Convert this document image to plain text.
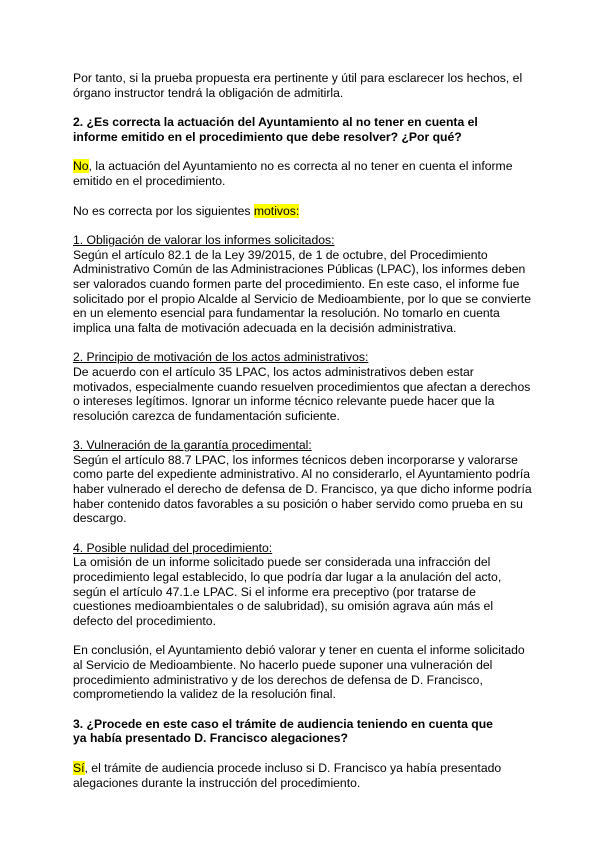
Por tanto, si la prueba propuesta era pertinente y útil para esclarecer los hechos, el órgano instructor tendrá la obligación de admitirla.

2. ¿Es correcta la actuación del Ayuntamiento al no tener en cuenta el
informe emitido en el procedimiento que debe resolver? ¿Por qué?

No, la actuación del Ayuntamiento no es correcta al no tener en cuenta el informe emitido en el procedimiento.

No es correcta por los siguientes motivos:

1. Obligación de valorar los informes solicitados:

Según el artículo 82.1 de la Ley 39/2015, de 1 de octubre, del Procedimiento Administrativo Común de las Administraciones Públicas (LPAC), los informes deben ser valorados cuando formen parte del procedimiento. En este caso, el informe fue solicitado por el propio Alcalde al Servicio de Medioambiente, por lo que se convierte en un elemento esencial para fundamentar la resolución. No tomarlo en cuenta implica una falta de motivación adecuada en la decisión administrativa.

2. Principio de motivación de los actos administrativos:

De acuerdo con el artículo 35 LPAC, los actos administrativos deben estar motivados, especialmente cuando resuelven procedimientos que afectan a derechos o intereses legítimos. Ignorar un informe técnico relevante puede hacer que la resolución carezca de fundamentación suficiente.

3. Vulneración de la garantía procedimental:

Según el artículo 88.7 LPAC, los informes técnicos deben incorporarse y valorarse como parte del expediente administrativo. Al no considerarlo, el Ayuntamiento podría haber vulnerado el derecho de defensa de D. Francisco, ya que dicho informe podría haber contenido datos favorables a su posición o haber servido como prueba en su descargo.

4. Posible nulidad del procedimiento:

La omisión de un informe solicitado puede ser considerada una infracción del procedimiento legal establecido, lo que podría dar lugar a la anulación del acto, según el artículo 47.1.e LPAC. Si el informe era preceptivo (por tratarse de cuestiones medioambientales o de salubridad), su omisión agrava aún más el defecto del procedimiento.

En conclusión, el Ayuntamiento debió valorar y tener en cuenta el informe solicitado al Servicio de Medioambiente. No hacerlo puede suponer una vulneración del procedimiento administrativo y de los derechos de defensa de D. Francisco, comprometiendo la validez de la resolución final.

3. ¿Procede en este caso el trámite de audiencia teniendo en cuenta que
ya había presentado D. Francisco alegaciones?

Sí, el trámite de audiencia procede incluso si D. Francisco ya había presentado alegaciones durante la instrucción del procedimiento.
